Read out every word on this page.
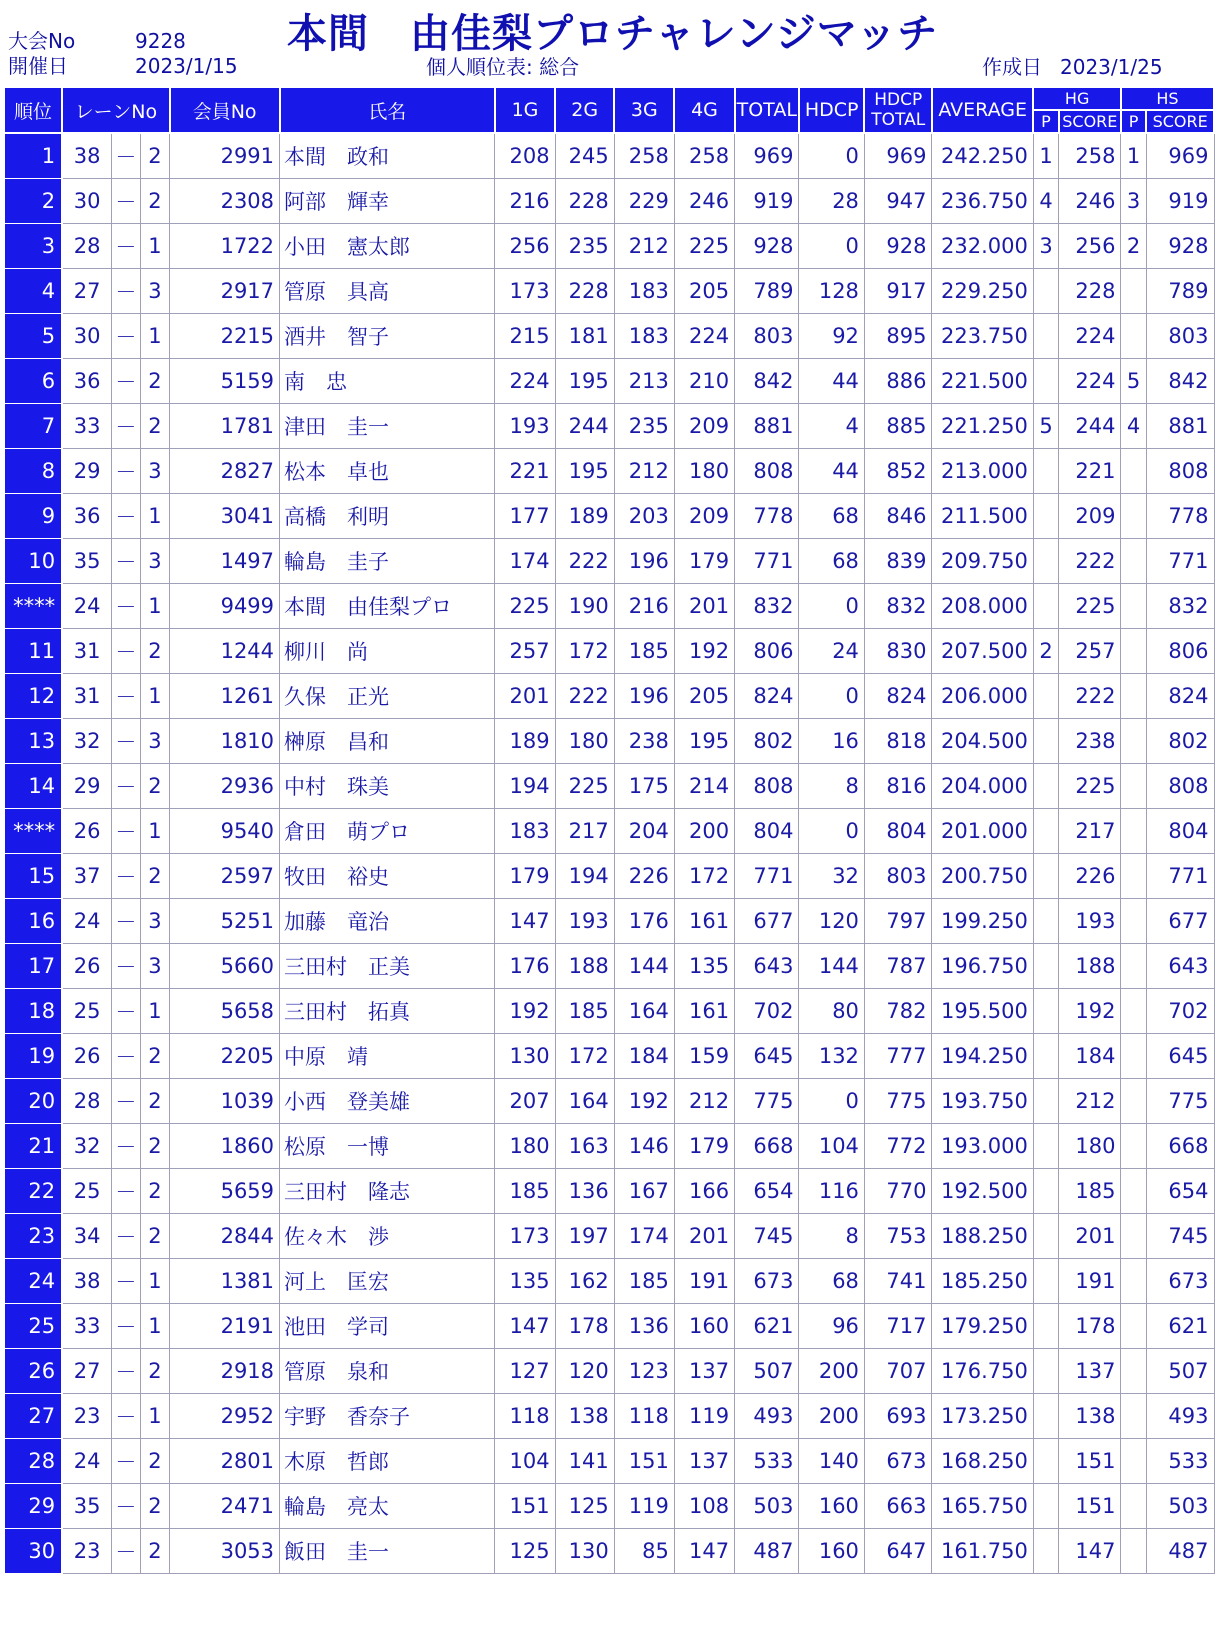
大会No	9228
開催日	2023/1/15
本間　由佳梨プロチャレンジマッチ
個人順位表: 総合	作成日 2023/1/25
順位	レーンNo			会員No	氏名	1G	2G	3G	4G	TOTAL	HDCP	HDCP
TOTAL	AVERAGE	HG		HS	
														P	SCORE	P	SCORE
1	38	－	2	2991	本間　政和	208	245	258	258	969	0	969	242.250	1	258	1	969
2	30	－	2	2308	阿部　輝幸	216	228	229	246	919	28	947	236.750	4	246	3	919
3	28	－	1	1722	小田　憲太郎	256	235	212	225	928	0	928	232.000	3	256	2	928
4	27	－	3	2917	管原　具高	173	228	183	205	789	128	917	229.250		228		789
5	30	－	1	2215	酒井　智子	215	181	183	224	803	92	895	223.750		224		803
6	36	－	2	5159	南　忠	224	195	213	210	842	44	886	221.500		224	5	842
7	33	－	2	1781	津田　圭一	193	244	235	209	881	4	885	221.250	5	244	4	881
8	29	－	3	2827	松本　卓也	221	195	212	180	808	44	852	213.000		221		808
9	36	－	1	3041	高橋　利明	177	189	203	209	778	68	846	211.500		209		778
10	35	－	3	1497	輪島　圭子	174	222	196	179	771	68	839	209.750		222		771
****	24	－	1	9499	本間　由佳梨プロ	225	190	216	201	832	0	832	208.000		225		832
11	31	－	2	1244	柳川　尚	257	172	185	192	806	24	830	207.500	2	257		806
12	31	－	1	1261	久保　正光	201	222	196	205	824	0	824	206.000		222		824
13	32	－	3	1810	榊原　昌和	189	180	238	195	802	16	818	204.500		238		802
14	29	－	2	2936	中村　珠美	194	225	175	214	808	8	816	204.000		225		808
****	26	－	1	9540	倉田　萌プロ	183	217	204	200	804	0	804	201.000		217		804
15	37	－	2	2597	牧田　裕史	179	194	226	172	771	32	803	200.750		226		771
16	24	－	3	5251	加藤　竜治	147	193	176	161	677	120	797	199.250		193		677
17	26	－	3	5660	三田村　正美	176	188	144	135	643	144	787	196.750		188		643
18	25	－	1	5658	三田村　拓真	192	185	164	161	702	80	782	195.500		192		702
19	26	－	2	2205	中原　靖	130	172	184	159	645	132	777	194.250		184		645
20	28	－	2	1039	小西　登美雄	207	164	192	212	775	0	775	193.750		212		775
21	32	－	2	1860	松原　一博	180	163	146	179	668	104	772	193.000		180		668
22	25	－	2	5659	三田村　隆志	185	136	167	166	654	116	770	192.500		185		654
23	34	－	2	2844	佐々木　渉	173	197	174	201	745	8	753	188.250		201		745
24	38	－	1	1381	河上　匡宏	135	162	185	191	673	68	741	185.250		191		673
25	33	－	1	2191	池田　学司	147	178	136	160	621	96	717	179.250		178		621
26	27	－	2	2918	管原　泉和	127	120	123	137	507	200	707	176.750		137		507
27	23	－	1	2952	宇野　香奈子	118	138	118	119	493	200	693	173.250		138		493
28	24	－	2	2801	木原　哲郎	104	141	151	137	533	140	673	168.250		151		533
29	35	－	2	2471	輪島　亮太	151	125	119	108	503	160	663	165.750		151		503
30	23	－	2	3053	飯田　圭一	125	130	85	147	487	160	647	161.750		147		487
